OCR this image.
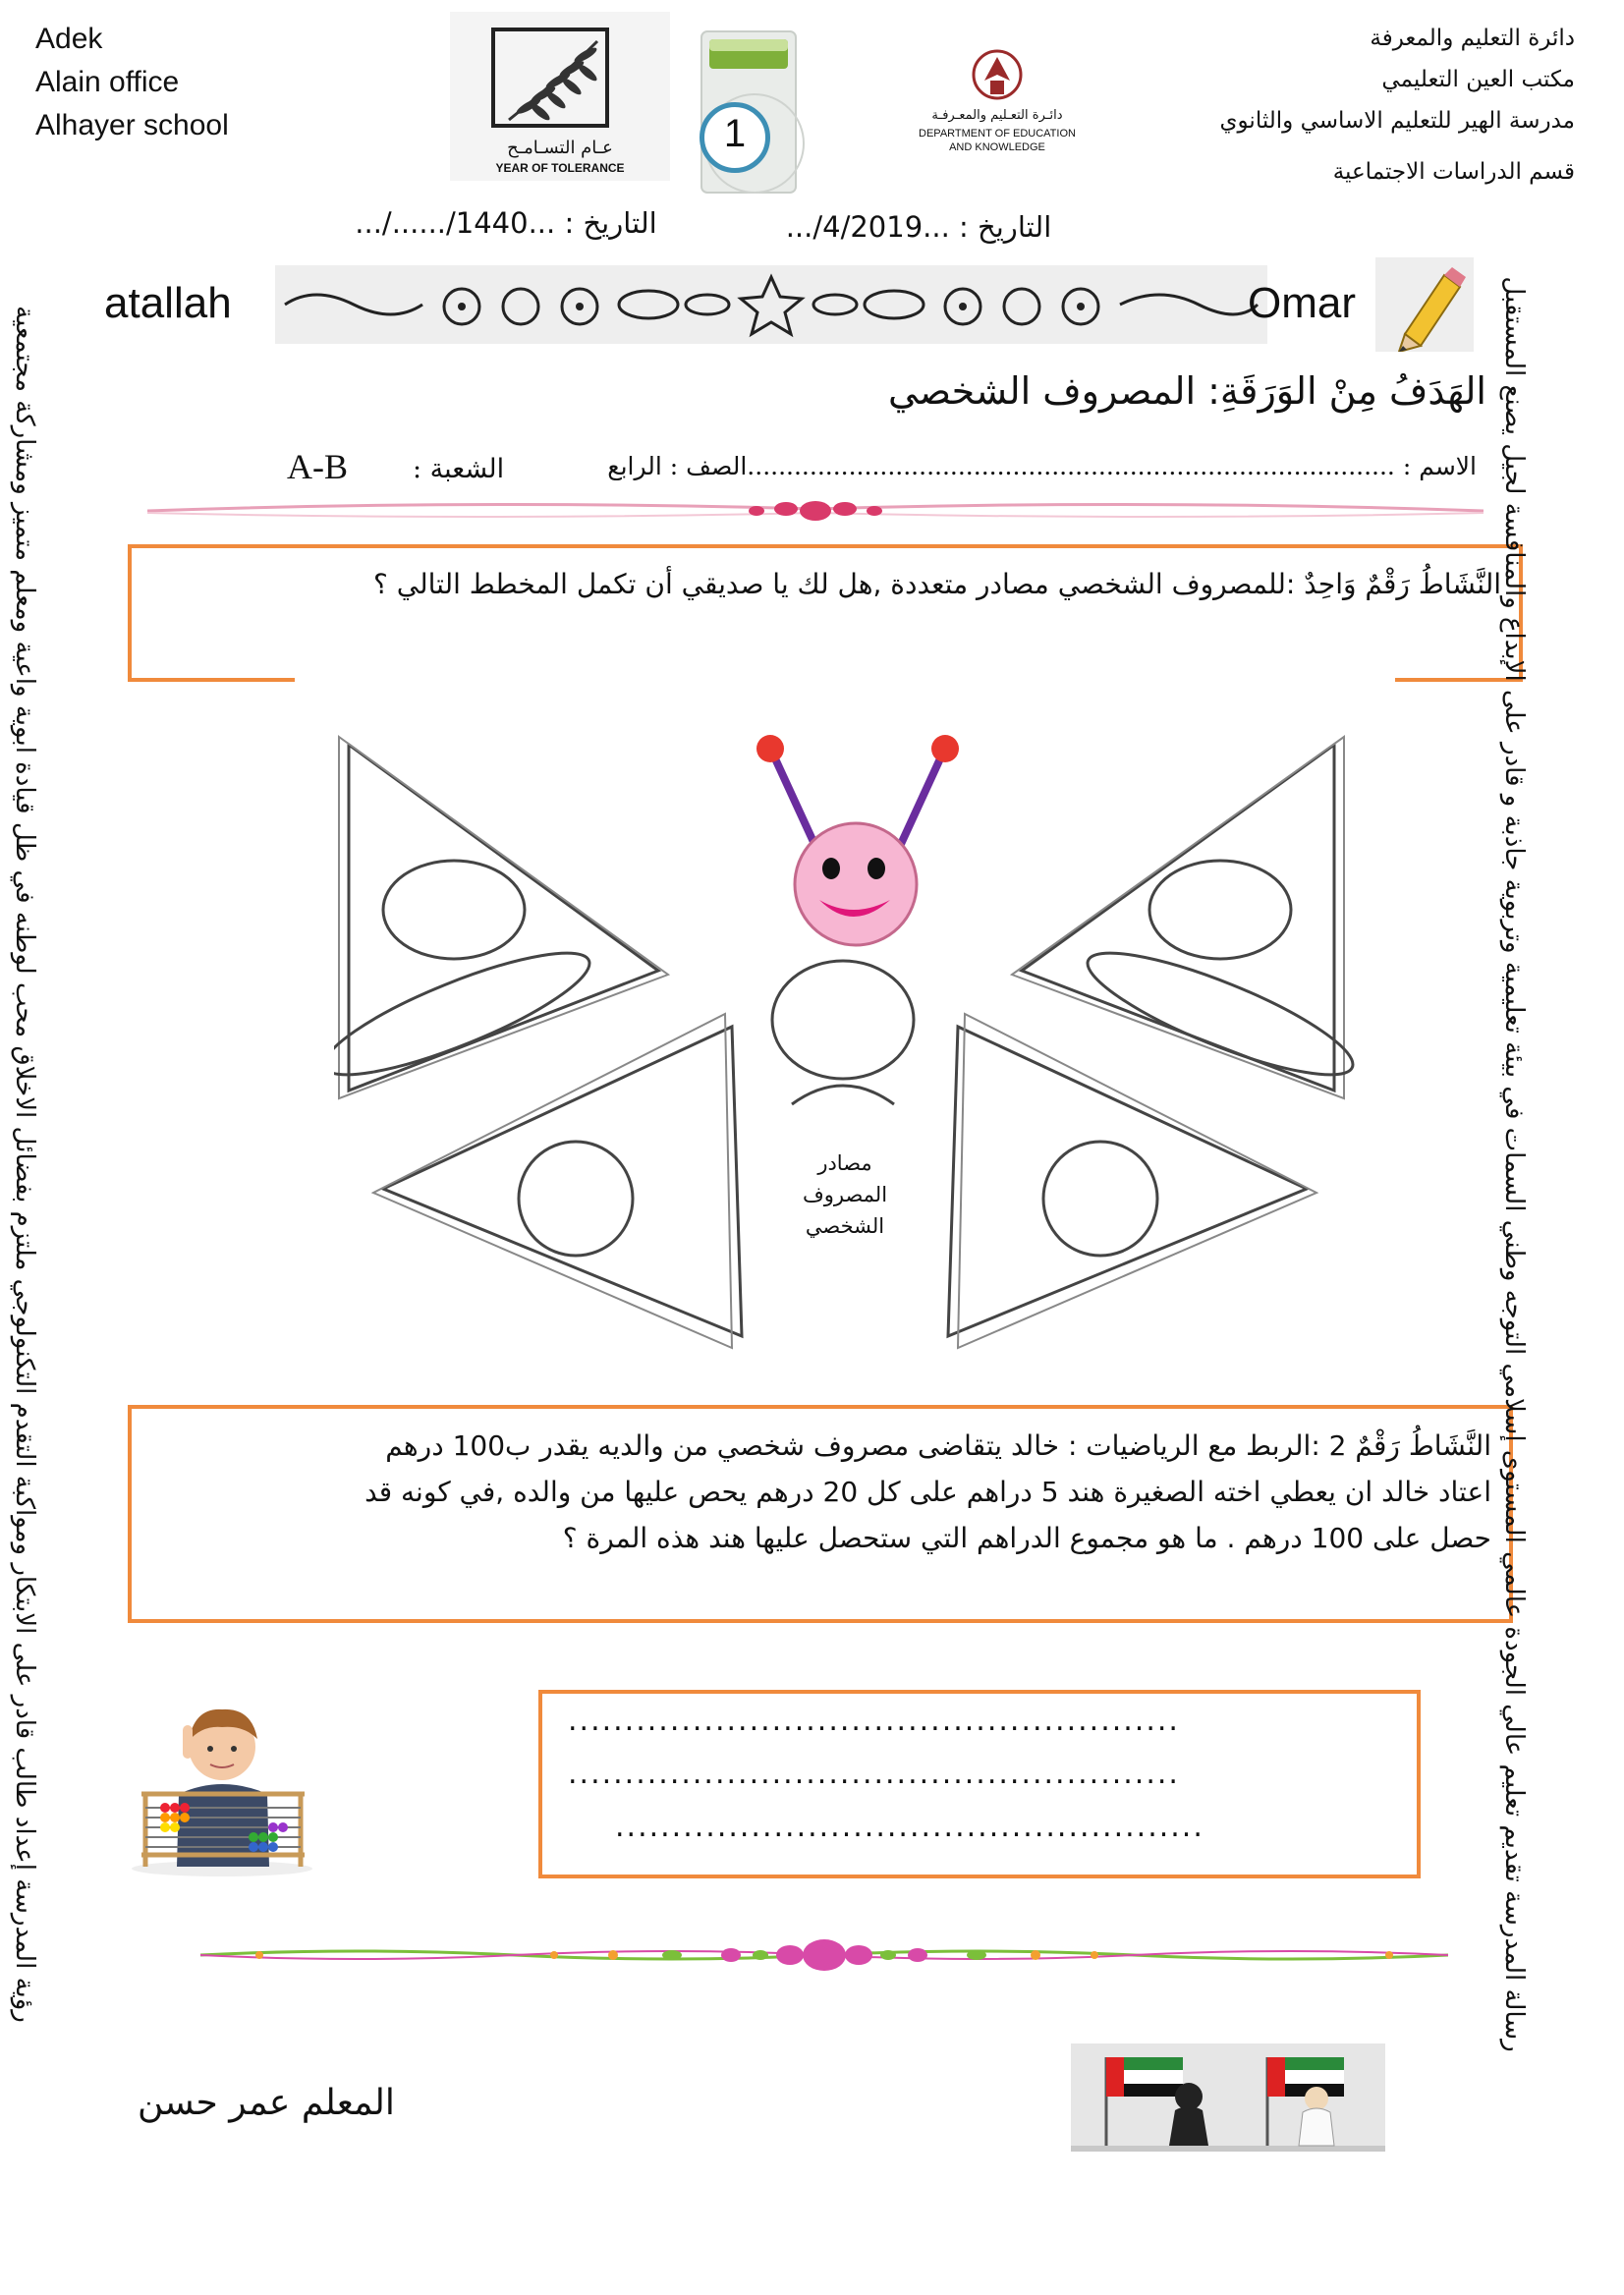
Adek
Alain office
Alhayer school
عـام التسـامـح
YEAR OF TOLERANCE
1	دائـرة التعـليم والمعـرفـة
DEPARTMENT OF EDUCATION
AND KNOWLEDGE
دائرة التعليم والمعرفة
مكتب العين التعليمي
مدرسة الهير للتعليم الاساسي والثانوي
قسم الدراسات الاجتماعية
التاريخ : ...1440/....../...	التاريخ : ...4/2019/...
atallah	Omar
الهَدَفُ مِنْ الوَرَقَةِ: المصروف الشخصي
الاسم : ...................................................................................الصف : الرابع
الشعبة :
A-B
النَّشَاطُ رَقْمٌ وَاحِدٌ :للمصروف الشخصي مصادر متعددة ,هل لك يا صديقي أن تكمل المخطط التالي ؟
مصادر
المصروف
الشخصي
النَّشَاطُ رَقْمٌ 2 :الربط مع الرياضيات : خالد يتقاضى مصروف شخصي من والديه يقدر ب100 درهم
اعتاد خالد ان يعطي اخته الصغيرة هند 5 دراهم على كل 20 درهم يحص عليها من والده ,في كونه قد
حصل على 100 درهم . ما هو مجموع الدراهم التي ستحصل عليها هند هذه المرة ؟
......................................................
......................................................
....................................................
المعلم عمر حسن
رؤية المدرسة إعداد طالب قادر على الابتكار ومواكبة التقدم التكنولوجي ملتزم بفضائل الاخلاق محب لوطنه في ظل قيادة ابوية واعية ومعلم متميز ومشاركة مجتمعية	رسالة المدرسة تقديم تعليم عالي الجودة عالمي المستوى إسلامي التوجه وطني السمات في بيئة تعليمية وتربوية جاذبة و قادر على الإبداع والمنافسة لجيل يصنع المستقبل
